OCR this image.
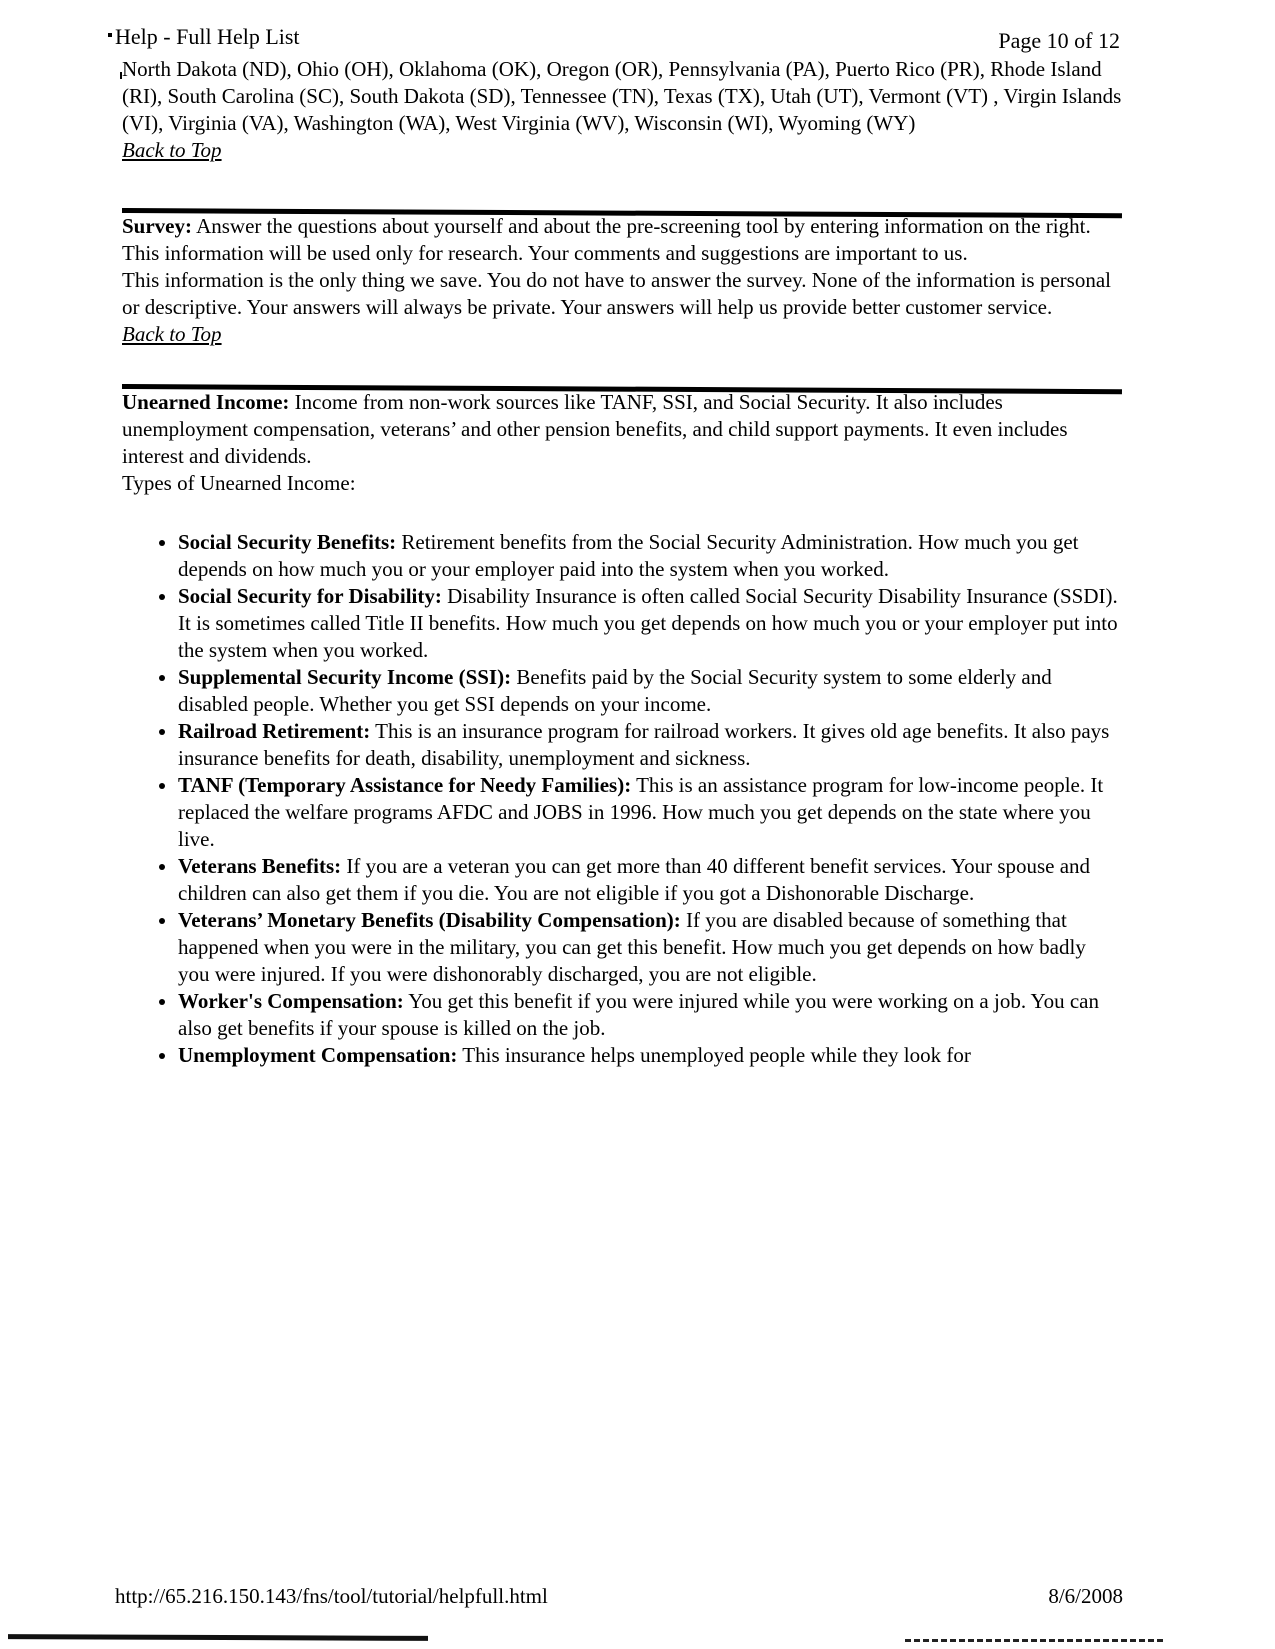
Help - Full Help List	Page 10 of 12

North Dakota (ND), Ohio (OH), Oklahoma (OK), Oregon (OR), Pennsylvania (PA), Puerto Rico (PR), Rhode Island (RI), South Carolina (SC), South Dakota (SD), Tennessee (TN), Texas (TX), Utah (UT), Vermont (VT) , Virgin Islands (VI), Virginia (VA), Washington (WA), West Virginia (WV), Wisconsin (WI), Wyoming (WY)

Back to Top

Survey: Answer the questions about yourself and about the pre-screening tool by entering information on the right. This information will be used only for research. Your comments and suggestions are important to us.

This information is the only thing we save. You do not have to answer the survey. None of the information is personal or descriptive. Your answers will always be private. Your answers will help us provide better customer service.

Back to Top

Unearned Income: Income from non-work sources like TANF, SSI, and Social Security. It also includes unemployment compensation, veterans’ and other pension benefits, and child support payments. It even includes interest and dividends.

Types of Unearned Income:

• Social Security Benefits: Retirement benefits from the Social Security Administration. How much you get depends on how much you or your employer paid into the system when you worked.
• Social Security for Disability: Disability Insurance is often called Social Security Disability Insurance (SSDI). It is sometimes called Title II benefits. How much you get depends on how much you or your employer put into the system when you worked.
• Supplemental Security Income (SSI): Benefits paid by the Social Security system to some elderly and disabled people. Whether you get SSI depends on your income.
• Railroad Retirement: This is an insurance program for railroad workers. It gives old age benefits. It also pays insurance benefits for death, disability, unemployment and sickness.
• TANF (Temporary Assistance for Needy Families): This is an assistance program for low-income people. It replaced the welfare programs AFDC and JOBS in 1996. How much you get depends on the state where you live.
• Veterans Benefits: If you are a veteran you can get more than 40 different benefit services. Your spouse and children can also get them if you die. You are not eligible if you got a Dishonorable Discharge.
• Veterans’ Monetary Benefits (Disability Compensation): If you are disabled because of something that happened when you were in the military, you can get this benefit. How much you get depends on how badly you were injured. If you were dishonorably discharged, you are not eligible.
• Worker's Compensation: You get this benefit if you were injured while you were working on a job. You can also get benefits if your spouse is killed on the job.
• Unemployment Compensation: This insurance helps unemployed people while they look for
http://65.216.150.143/fns/tool/tutorial/helpfull.html	8/6/2008
